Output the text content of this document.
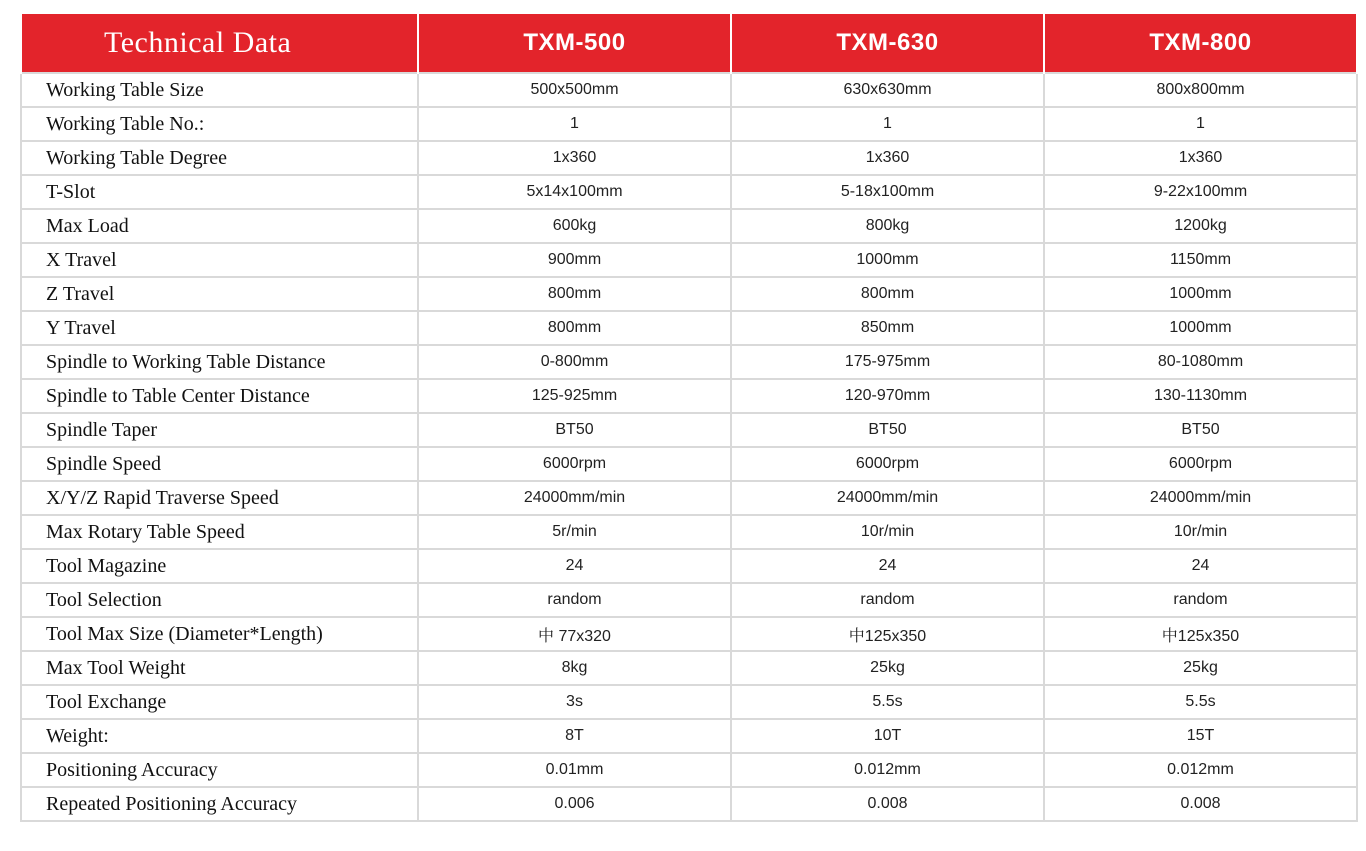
Technical Data	TXM-500	TXM-630	TXM-800
Working Table Size	500x500mm	630x630mm	800x800mm
Working Table No.:	1	1	1
Working Table Degree	1x360	1x360	1x360
T-Slot	5x14x100mm	5-18x100mm	9-22x100mm
Max Load	600kg	800kg	1200kg
X Travel	900mm	1000mm	1150mm
Z Travel	800mm	800mm	1000mm
Y Travel	800mm	850mm	1000mm
Spindle to Working Table Distance	0-800mm	175-975mm	80-1080mm
Spindle to Table Center Distance	125-925mm	120-970mm	130-1130mm
Spindle Taper	BT50	BT50	BT50
Spindle Speed	6000rpm	6000rpm	6000rpm
X/Y/Z Rapid Traverse Speed	24000mm/min	24000mm/min	24000mm/min
Max Rotary Table Speed	5r/min	10r/min	10r/min
Tool Magazine	24	24	24
Tool Selection	random	random	random
Tool Max Size (Diameter*Length)	中 77x320	中125x350	中125x350
Max Tool Weight	8kg	25kg	25kg
Tool Exchange	3s	5.5s	5.5s
Weight:	8T	10T	15T
Positioning Accuracy	0.01mm	0.012mm	0.012mm
Repeated Positioning Accuracy	0.006	0.008	0.008
